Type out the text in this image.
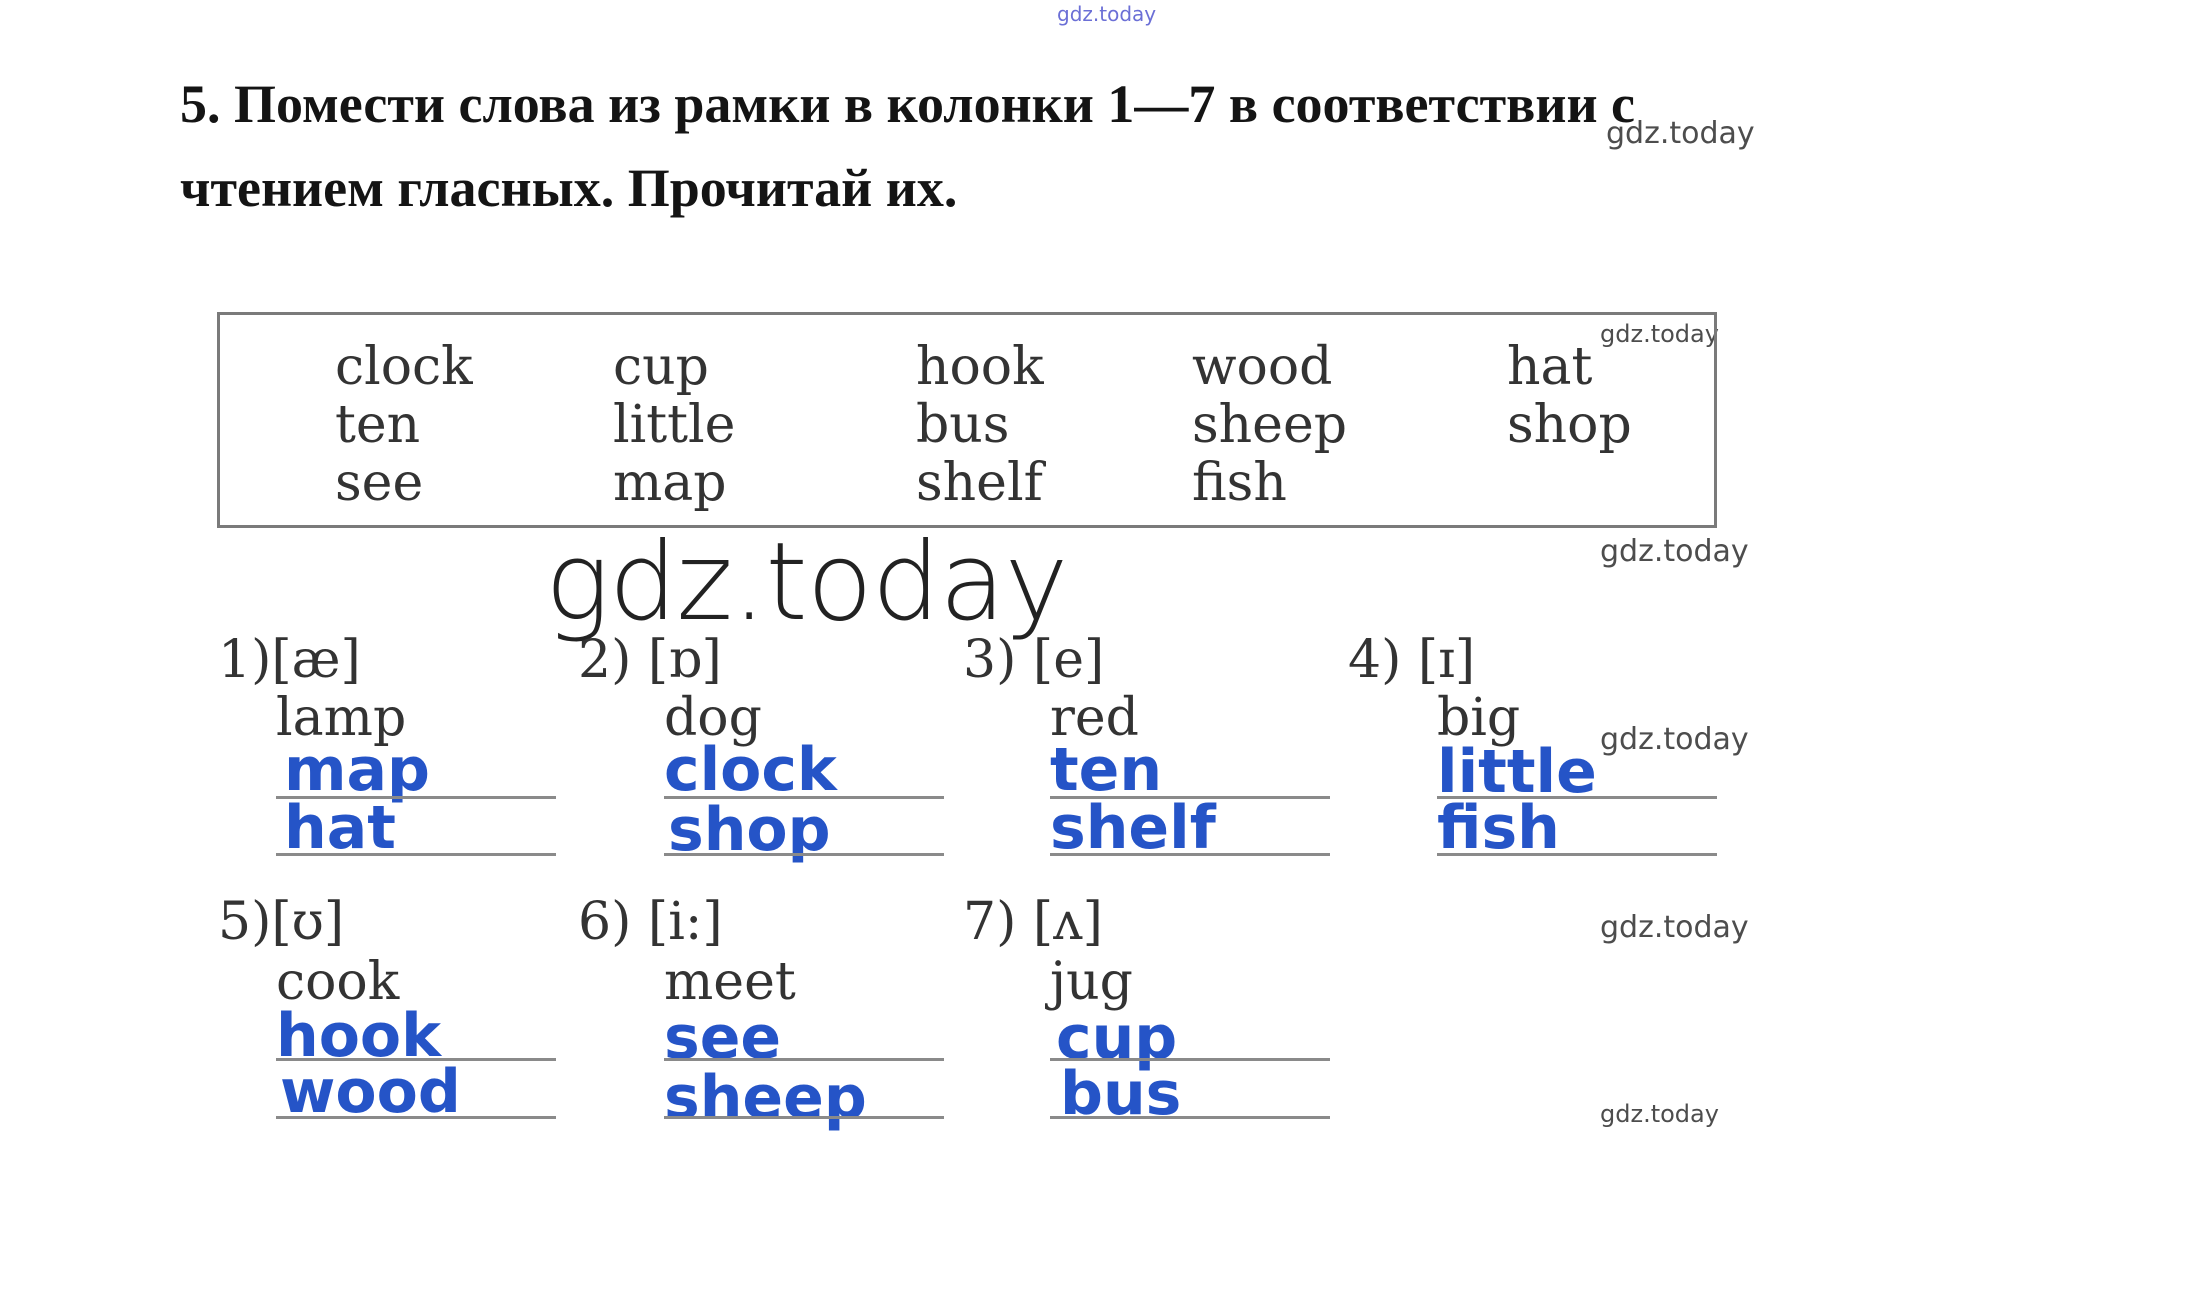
gdz.today
gdz.today
gdz.today
gdz.today
gdz.today
gdz.today
gdz.today
gdz.today

5. Помести слова из рамки в колонки 1—7 в соответствии с чтением гласных. Прочитай их.

clock
ten
see
cup
little
map
hook
bus
shelf
wood
sheep
fish
hat
shop
1)[æ]
lamp
map
hat
2) [ɒ]
dog
clock
shop
3) [e]
red
ten
shelf
4) [ɪ]
big
little
fish
5)[ʊ]
cook
hook
wood
6) [i:]
meet
see
sheep
7) [ʌ]
jug
cup
bus
